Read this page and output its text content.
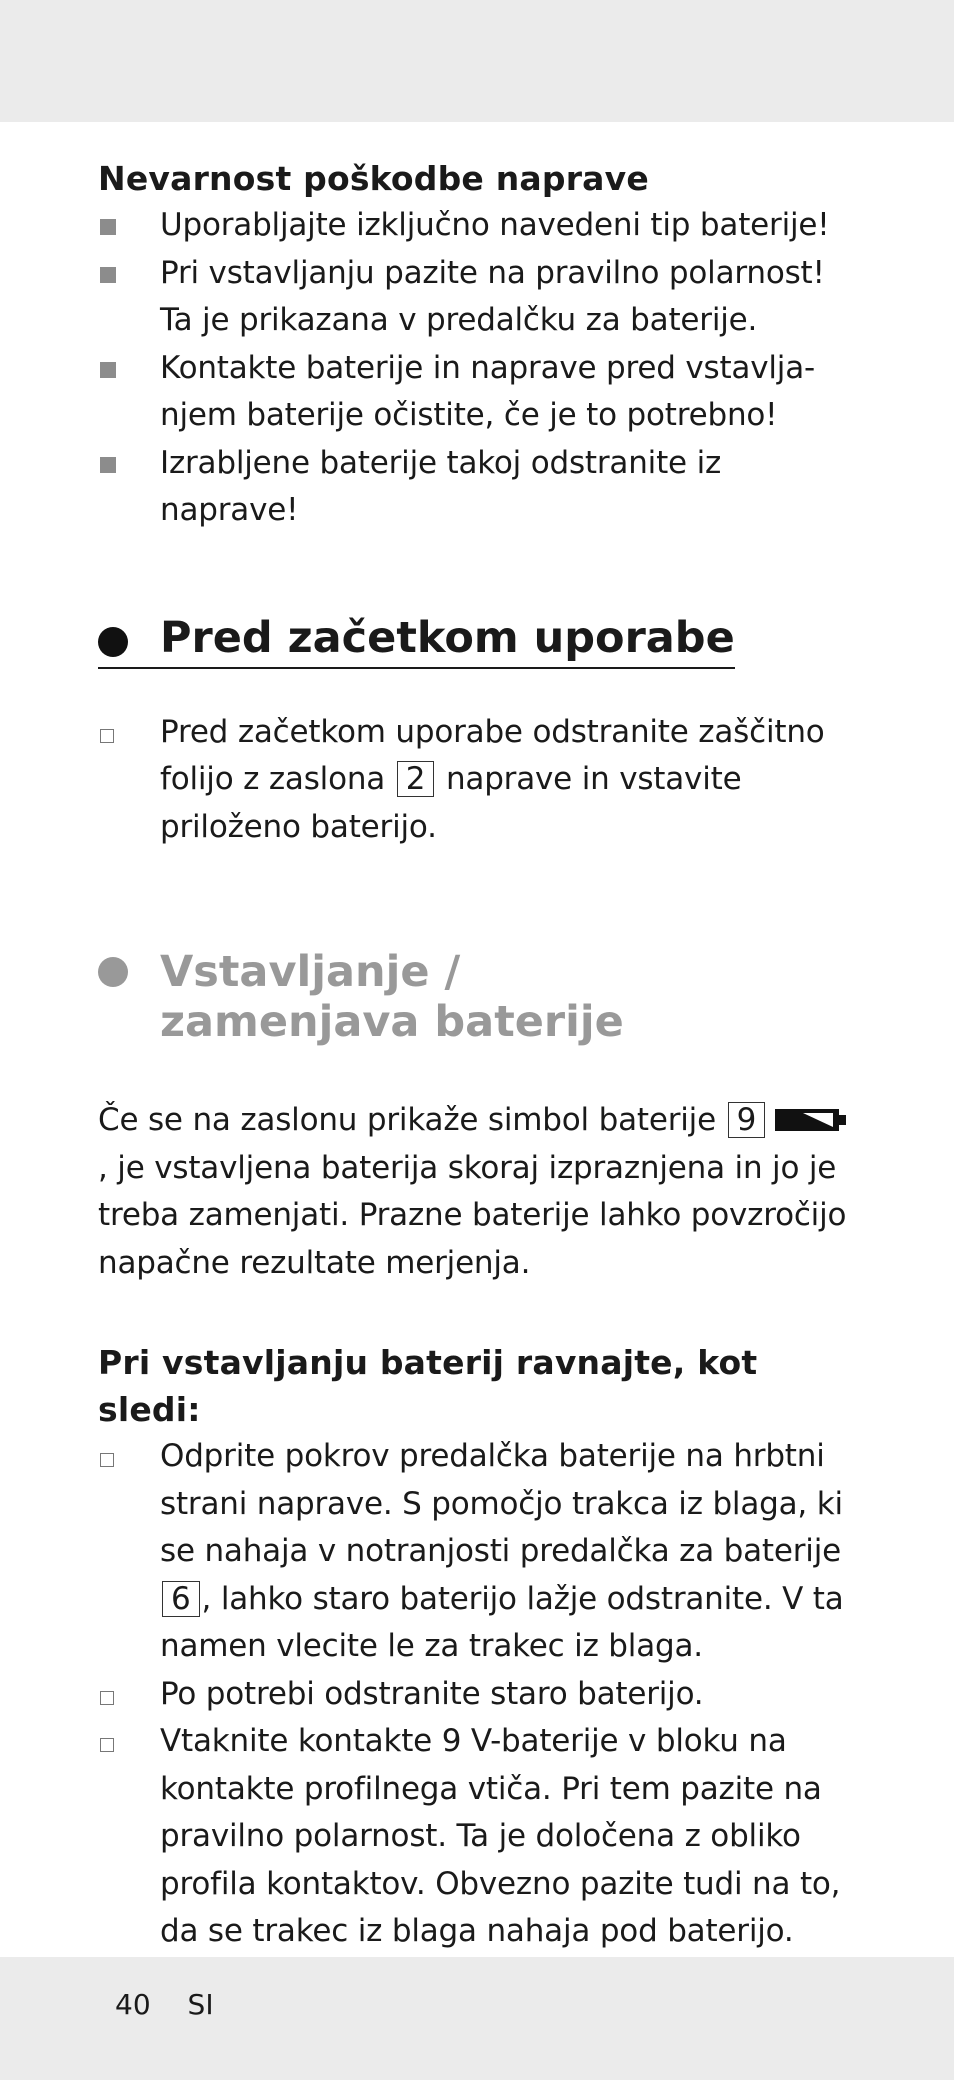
Nevarnost poškodbe naprave

Uporabljajte izključno navedeni tip baterije!
Pri vstavljanju pazite na pravilno polarnost! Ta je prikazana v predalčku za baterije.
Kontakte baterije in naprave pred vstavlja-njem baterije očistite, če je to potrebno!
Izrabljene baterije takoj odstranite iz naprave!

Pred začetkom uporabe

Pred začetkom uporabe odstranite zaščitno folijo z zaslona 2 naprave in vstavite priloženo baterijo.

Vstavljanje /

zamenjava baterije

Če se na zaslonu prikaže simbol baterije 9, je vstavljena baterija skoraj izpraznjena in jo je treba zamenjati. Prazne baterije lahko povzročijo napačne rezultate merjenja.

Pri vstavljanju baterij ravnajte, kot sledi:

Odprite pokrov predalčka baterije na hrbtni strani naprave. S pomočjo trakca iz blaga, ki se nahaja v notranjosti predalčka za baterije 6 , lahko staro baterijo lažje odstranite. V ta namen vlecite le za trakec iz blaga.
Po potrebi odstranite staro baterijo.
Vtaknite kontakte 9 V-baterije v bloku na kontakte profilnega vtiča. Pri tem pazite na pravilno polarnost. Ta je določena z obliko profila kontaktov. Obvezno pazite tudi na to, da se trakec iz blaga nahaja pod baterijo.
40 SI
